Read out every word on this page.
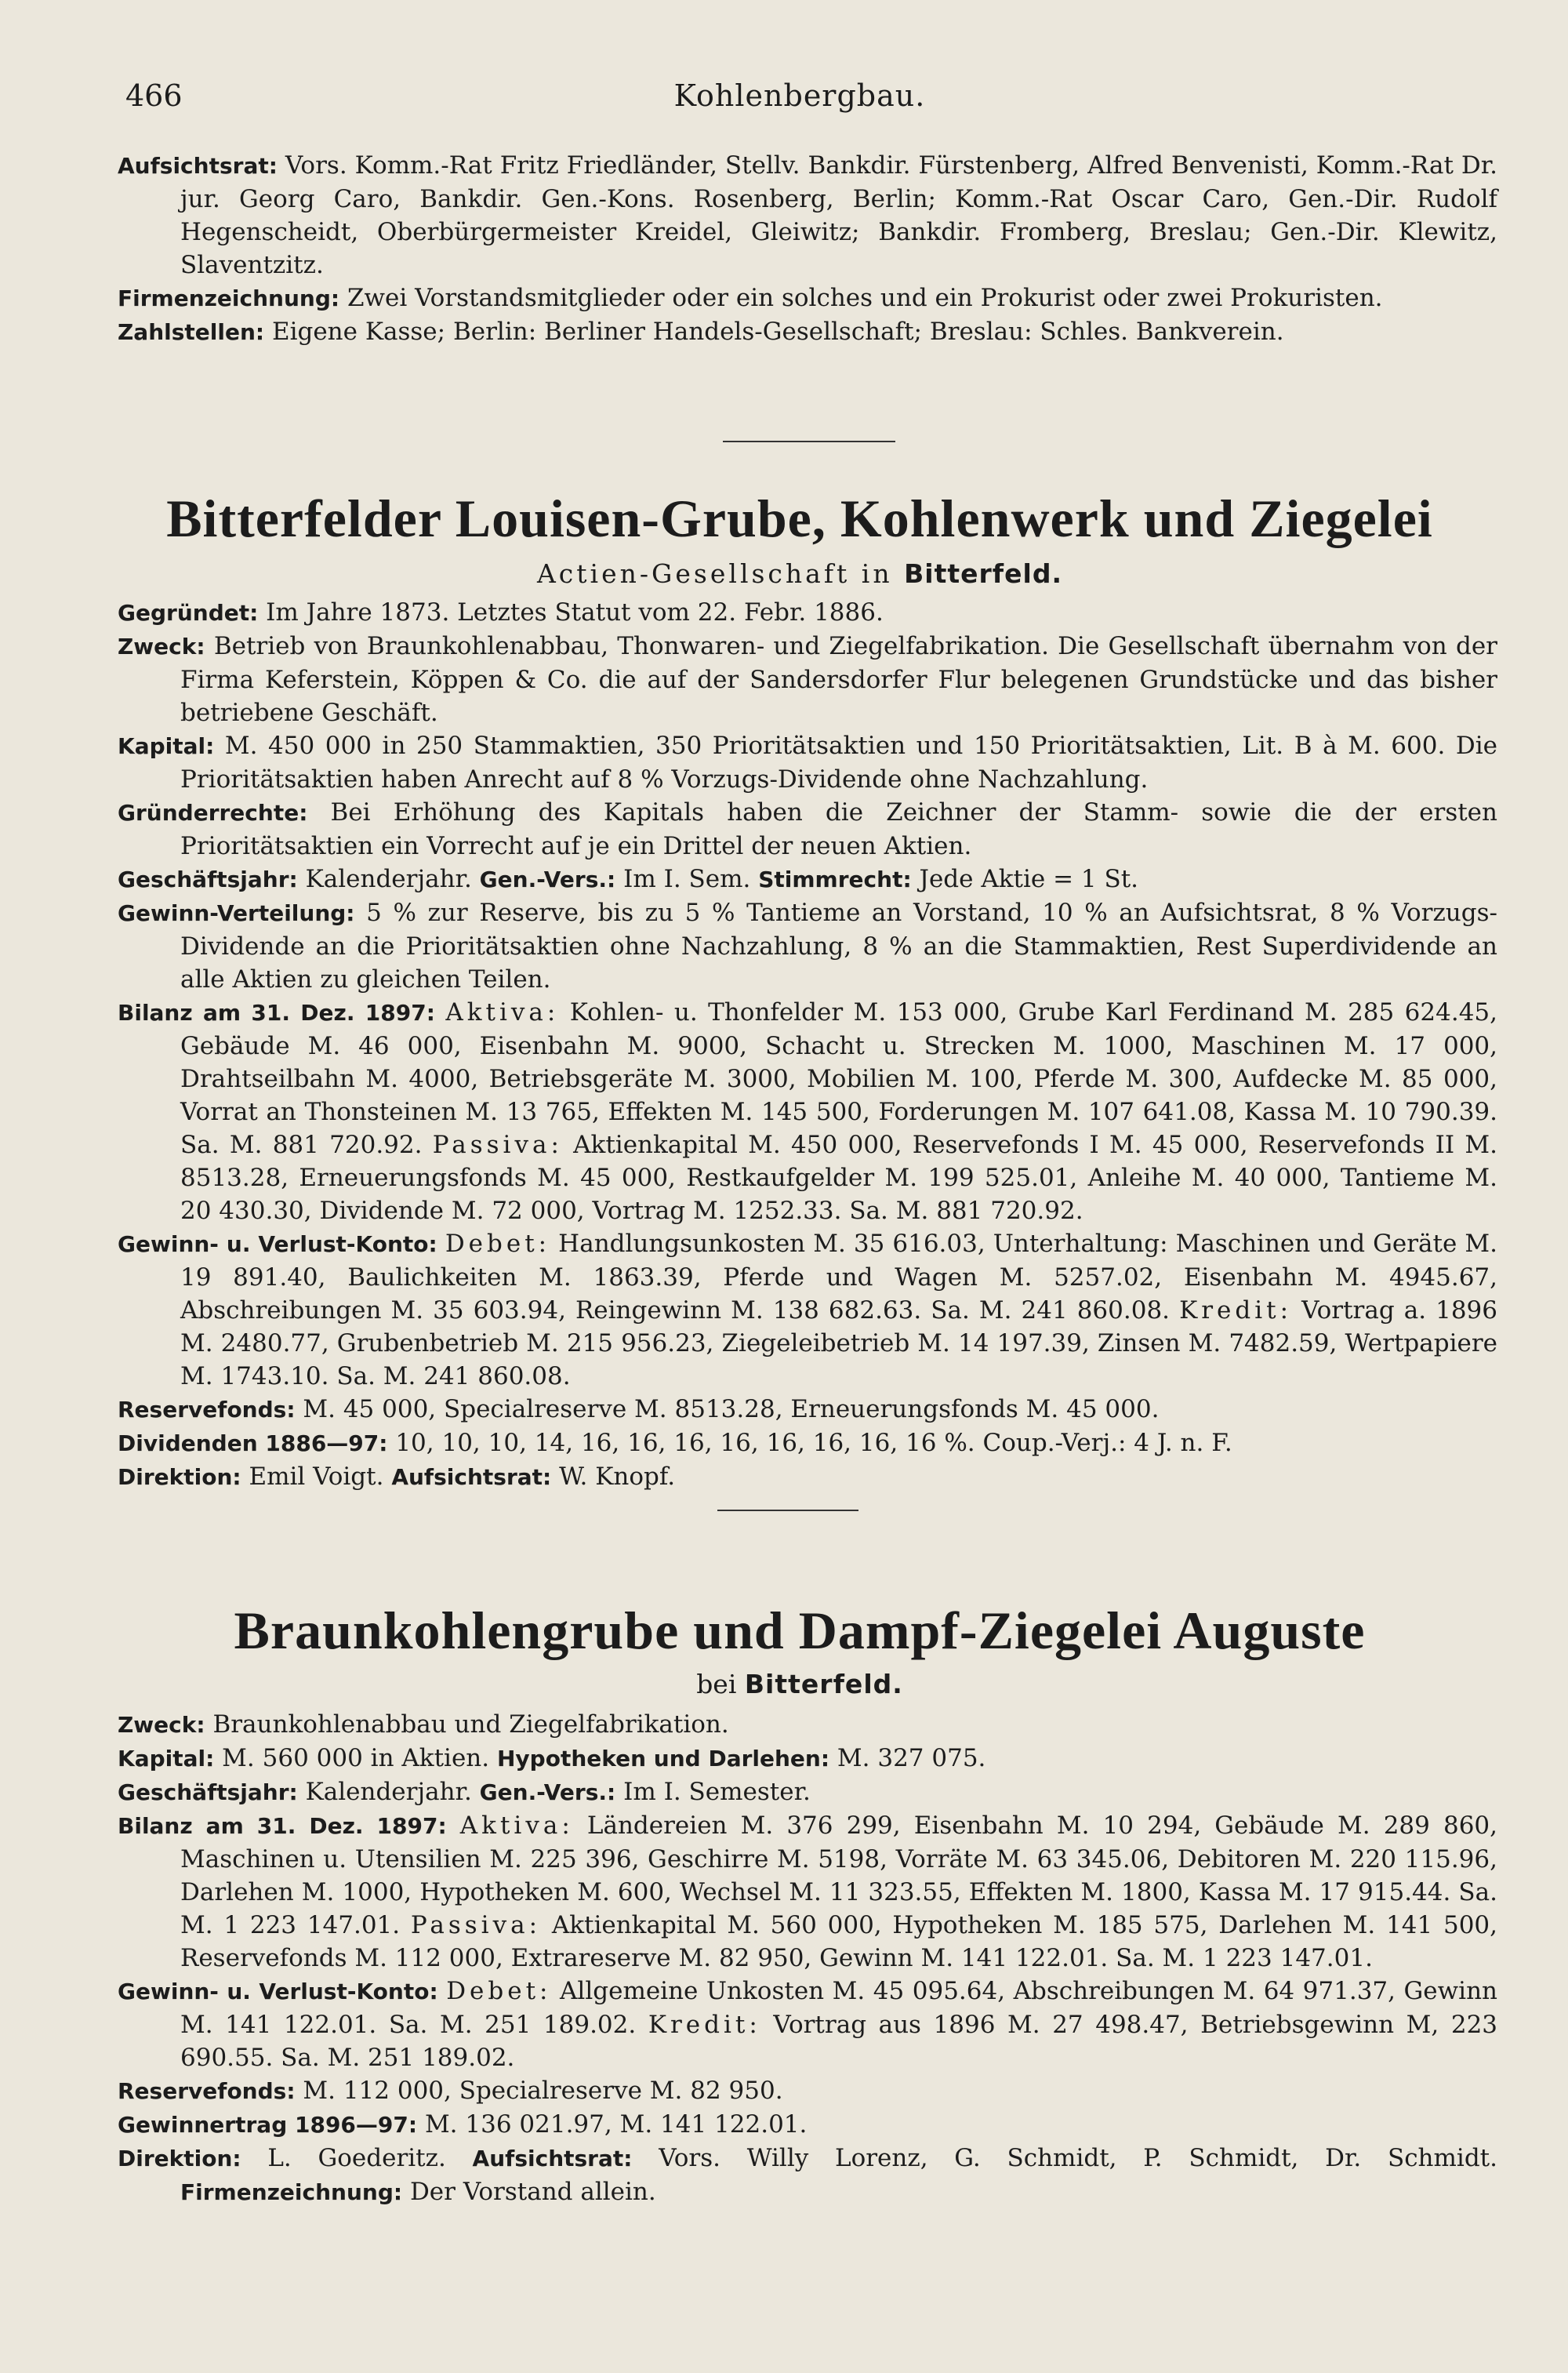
466	Kohlenbergbau.
Aufsichtsrat: Vors. Komm.-Rat Fritz Friedländer, Stellv. Bankdir. Fürstenberg, Alfred Benvenisti, Komm.-Rat Dr. jur. Georg Caro, Bankdir. Gen.-Kons. Rosenberg, Berlin; Komm.-Rat Oscar Caro, Gen.-Dir. Rudolf Hegenscheidt, Oberbürgermeister Kreidel, Gleiwitz; Bankdir. Fromberg, Breslau; Gen.-Dir. Klewitz, Slaventzitz.
Firmenzeichnung: Zwei Vorstandsmitglieder oder ein solches und ein Prokurist oder zwei Prokuristen.
Zahlstellen: Eigene Kasse; Berlin: Berliner Handels-Gesellschaft; Breslau: Schles. Bankverein.
Bitterfelder Louisen-Grube, Kohlenwerk und Ziegelei
Actien-Gesellschaft in Bitterfeld.
Gegründet: Im Jahre 1873. Letztes Statut vom 22. Febr. 1886.
Zweck: Betrieb von Braunkohlenabbau, Thonwaren- und Ziegelfabrikation. Die Gesellschaft übernahm von der Firma Keferstein, Köppen & Co. die auf der Sandersdorfer Flur belegenen Grundstücke und das bisher betriebene Geschäft.
Kapital: M. 450 000 in 250 Stammaktien, 350 Prioritätsaktien und 150 Prioritätsaktien, Lit. B à M. 600. Die Prioritätsaktien haben Anrecht auf 8 % Vorzugs-Dividende ohne Nachzahlung.
Gründerrechte: Bei Erhöhung des Kapitals haben die Zeichner der Stamm- sowie die der ersten Prioritätsaktien ein Vorrecht auf je ein Drittel der neuen Aktien.
Geschäftsjahr: Kalenderjahr. Gen.-Vers.: Im I. Sem. Stimmrecht: Jede Aktie = 1 St.
Gewinn-Verteilung: 5 % zur Reserve, bis zu 5 % Tantieme an Vorstand, 10 % an Aufsichtsrat, 8 % Vorzugs-Dividende an die Prioritätsaktien ohne Nachzahlung, 8 % an die Stammaktien, Rest Superdividende an alle Aktien zu gleichen Teilen.
Bilanz am 31. Dez. 1897: Aktiva: Kohlen- u. Thonfelder M. 153 000, Grube Karl Ferdinand M. 285 624.45, Gebäude M. 46 000, Eisenbahn M. 9000, Schacht u. Strecken M. 1000, Maschinen M. 17 000, Drahtseilbahn M. 4000, Betriebsgeräte M. 3000, Mobilien M. 100, Pferde M. 300, Aufdecke M. 85 000, Vorrat an Thonsteinen M. 13 765, Effekten M. 145 500, Forderungen M. 107 641.08, Kassa M. 10 790.39. Sa. M. 881 720.92. Passiva: Aktienkapital M. 450 000, Reservefonds I M. 45 000, Reservefonds II M. 8513.28, Erneuerungsfonds M. 45 000, Restkaufgelder M. 199 525.01, Anleihe M. 40 000, Tantieme M. 20 430.30, Dividende M. 72 000, Vortrag M. 1252.33. Sa. M. 881 720.92.
Gewinn- u. Verlust-Konto: Debet: Handlungsunkosten M. 35 616.03, Unterhaltung: Maschinen und Geräte M. 19 891.40, Baulichkeiten M. 1863.39, Pferde und Wagen M. 5257.02, Eisenbahn M. 4945.67, Abschreibungen M. 35 603.94, Reingewinn M. 138 682.63. Sa. M. 241 860.08. Kredit: Vortrag a. 1896 M. 2480.77, Grubenbetrieb M. 215 956.23, Ziegeleibetrieb M. 14 197.39, Zinsen M. 7482.59, Wertpapiere M. 1743.10. Sa. M. 241 860.08.
Reservefonds: M. 45 000, Specialreserve M. 8513.28, Erneuerungsfonds M. 45 000.
Dividenden 1886—97: 10, 10, 10, 14, 16, 16, 16, 16, 16, 16, 16, 16 %. Coup.-Verj.: 4 J. n. F.
Direktion: Emil Voigt. Aufsichtsrat: W. Knopf.
Braunkohlengrube und Dampf-Ziegelei Auguste
bei Bitterfeld.
Zweck: Braunkohlenabbau und Ziegelfabrikation.
Kapital: M. 560 000 in Aktien. Hypotheken und Darlehen: M. 327 075.
Geschäftsjahr: Kalenderjahr. Gen.-Vers.: Im I. Semester.
Bilanz am 31. Dez. 1897: Aktiva: Ländereien M. 376 299, Eisenbahn M. 10 294, Gebäude M. 289 860, Maschinen u. Utensilien M. 225 396, Geschirre M. 5198, Vorräte M. 63 345.06, Debitoren M. 220 115.96, Darlehen M. 1000, Hypotheken M. 600, Wechsel M. 11 323.55, Effekten M. 1800, Kassa M. 17 915.44. Sa. M. 1 223 147.01. Passiva: Aktienkapital M. 560 000, Hypotheken M. 185 575, Darlehen M. 141 500, Reservefonds M. 112 000, Extrareserve M. 82 950, Gewinn M. 141 122.01. Sa. M. 1 223 147.01.
Gewinn- u. Verlust-Konto: Debet: Allgemeine Unkosten M. 45 095.64, Abschreibungen M. 64 971.37, Gewinn M. 141 122.01. Sa. M. 251 189.02. Kredit: Vortrag aus 1896 M. 27 498.47, Betriebsgewinn M, 223 690.55. Sa. M. 251 189.02.
Reservefonds: M. 112 000, Specialreserve M. 82 950.
Gewinnertrag 1896—97: M. 136 021.97, M. 141 122.01.
Direktion: L. Goederitz. Aufsichtsrat: Vors. Willy Lorenz, G. Schmidt, P. Schmidt, Dr. Schmidt. Firmenzeichnung: Der Vorstand allein.
